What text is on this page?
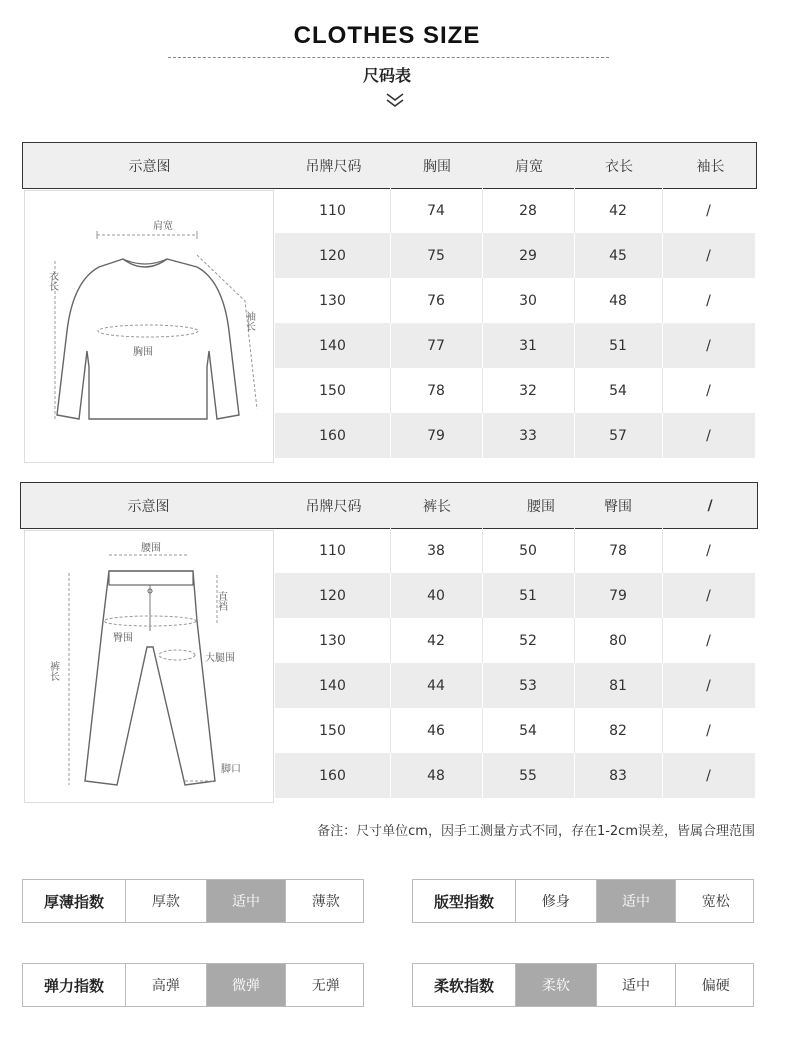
CLOTHES SIZE
尺码表
示意图	吊牌尺码	胸围	肩宽	衣长	袖长
肩宽
衣长
袖长
胸围
110	74	28	42	/
120	75	29	45	/
130	76	30	48	/
140	77	31	51	/
150	78	32	54	/
160	79	33	57	/
示意图	吊牌尺码	裤长	腰围	臀围	/
腰围
直裆
裤长
臀围
大腿围
脚口
110	38	50	78	/
120	40	51	79	/
130	42	52	80	/
140	44	53	81	/
150	46	54	82	/
160	48	55	83	/
备注：尺寸单位cm，因手工测量方式不同，存在1-2cm误差，皆属合理范围
厚薄指数	厚款	适中	薄款	版型指数	修身	适中	宽松
弹力指数	高弹	微弹	无弹	柔软指数	柔软	适中	偏硬
